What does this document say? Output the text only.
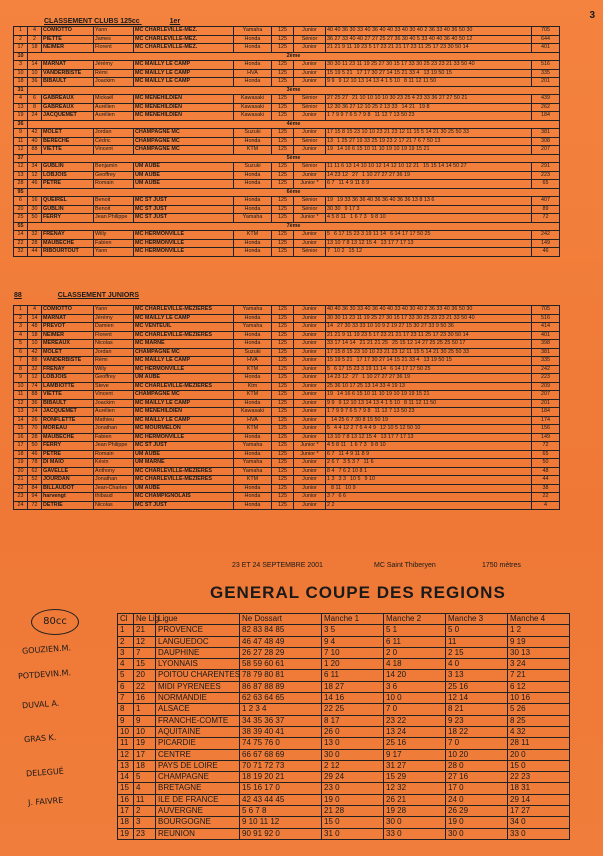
3
CLASSEMENT CLUBS 125cc	1er
1	4	COMIOTTO	Yann	MC CHARLEVILLE-MEZ.	Yamaha	125	Junior	40 40 36 30 33 40 36 40 40 33 40 30 40 2 36 33 40 36 50 30	705
2	2	PIETTE	James	MC CHARLEVILLE-MEZ.	Honda	125	Sénior	36 27 33 40 40 27 27 25 27 36 30 40 5 33 40 40 36 40 50 12	644
17	18	NEIMER	Florent	MC CHARLEVILLE-MEZ.	Honda	125	Junior	21 21 9 11 19 23 5 17 23 21 21 17 23 11 25 17 23 30 50 14	401
10	2ème								
3	14	MARNAT	Jérémy	MC MAILLY LE CAMP	Honda	125	Junior	30 30 11 23 11 19 25 27 30 15 17 33 30 25 23 23 21 33 50 40	516
10	10	VANDERBISTE	Rémi	MC MAILLY LE CAMP	HVA	125	Junior	15 19 5 21 17 17 30 27 14 15 21 33 4 13 19 50 15	335
18	36	BIBAULT	Joackim	MC MAILLY LE CAMP	Honda	125	Junior	9 9 9 12 10 13 14 13 4 1 5 10 8 11 12 11 50	201
31	3ème								
4	6	GABREAUX	Mickaël	MC MENEHILDIEN	Kawasaki	125	Sénior	27 25 27 21 10 10 10 10 30 23 25 4 23 33 36 27 27 50 21	439
13	8	GABREAUX	Aurélien	MC MENEHILDIEN	Kawasaki	125	Sénior	12 30 36 27 12 10 25 2 13 33 14 21 19 8	262
19	24	JACQUEMET	Aurélien	MC MENEHILDIEN	Kawasaki	125	Junior	1 7 9 9 7 6 5 7 9 8 11 12 7 13 50 23	184
36	4ème								
9	42	MOLET	Jordan	CHAMPAGNE MC	Suzuki	125	Junior	17 15 8 15 23 10 10 23 21 23 12 11 15 5 14 21 30 25 50 33	381
11	40	BERECHE	Cédric	CHAMPAGNE MC	Honda	125	Sénior	13 1 25 27 19 33 25 19 23 2 17 21 7 6 7 50 13	308
12	88	VIETTE	Vincent	CHAMPAGNE MC	KTM	125	Junior	19 14 16 6 15 10 11 10 19 10 19 19 15 21	207
37	5ème								
12	34	GUBLIN	Benjamin	UM AUBE	Suzuki	125	Sénior	11 11 6 13 14 10 10 12 14 12 10 12 21 15 15 14 14 50 27	291
13	12	LOBJOIS	Geoffrey	UM AUBE	Honda	125	Junior	14 23 12 27 1 10 27 27 27 36 19	223
28	46	PETRE	Romain	UM AUBE	Honda	125	Junior *	6 7 11 4 9 11 8 9	65
95	6ème								
6	16	QUEIREL	Benoit	MC ST JUST	Honda	125	Sénior	19 19 33 36 36 40 36 36 40 36 36 13 8 13 6	407
20	30	GUBLIN	Benoit	MC ST JUST	Honda	125	Sénior	30 30 9 17 3	89
25	50	FERRY	Jean Philippe	MC ST JUST	Yamaha	125	Junior *	4 5 8 11 1 6 7 3 9 8 10	72
55	7ème								
14	32	FRENAY	Willy	MC HERMONVILLE	KTM	125	Junior	5 6 17 15 23 3 19 11 14 6 14 17 17 50 25	242
22	28	MAUBECHE	Fabien	MC HERMONVILLE	Honda	125	Junior	13 10 7 8 13 12 15 4 13 17 7 17 13	149
32	44	RIBOURTOUT	Yann	MC HERMONVILLE	Honda	125	Sénior	7 10 2 15 12	46
88	CLASSEMENT JUNIORS
1	4	COMIOTTO	Yann	MC CHARLEVILLE-MEZIERES	Yamaha	125	Junior	40 40 36 30 33 40 36 40 40 33 40 30 40 2 36 33 40 36 50 30	705
2	14	MARNAT	Jérémy	MC MAILLY LE CAMP	Honda	125	Junior	30 30 11 23 11 19 25 27 30 15 17 33 30 25 23 23 21 33 50 40	516
3	48	PREVOT	Damien	MC VENTEUIL	Yamaha	125	Junior	14 27 30 33 33 10 10 9 2 19 27 15 30 27 33 9 50 36	414
4	18	NEIMER	Florent	MC CHARLEVILLE-MEZIERES	Honda	125	Junior	21 21 9 11 19 23 5 17 23 21 21 17 23 11 25 17 23 30 50 14	401
5	10	MEREAUX	Nicolas	MC MARNE	Honda	125	Junior	33 17 14 14 21 21 21 25 25 15 12 14 27 25 25 25 50 17	398
6	42	MOLET	Jordan	CHAMPAGNE MC	Suzuki	125	Junior	17 15 8 15 23 10 10 23 21 23 12 11 15 5 14 21 30 25 50 33	381
7	88	VANDERBISTE	Rémi	MC MAILLY LE CAMP	HVA	125	Junior	15 19 5 21 17 17 30 27 14 15 21 33 4 13 19 50 15	335
8	32	FRENAY	Willy	MC HERMONVILLE	KTM	125	Junior	5 6 17 15 23 3 19 11 14 6 14 17 17 50 25	242
9	12	LOBJOIS	Geoffrey	UM AUBE	Honda	125	Junior	14 23 12 27 1 10 27 27 27 36 19	223
10	74	LAMBIOTTE	Steve	MC CHARLEVILLE-MEZIERES	Ktm	125	Junior	25 36 10 17 25 13 14 33 4 19 13	209
11	88	VIETTE	Vincent	CHAMPAGNE MC	KTM	125	Junior	19 14 16 6 15 10 11 10 19 10 19 19 15 21	207
12	36	BIBAULT	Joackim	MC MAILLY LE CAMP	Honda	125	Junior	9 9 9 12 10 13 14 13 4 1 5 10 8 11 12 11 50	201
13	24	JACQUEMET	Aurélien	MC MENEHILDIEN	Kawasaki	125	Junior	1 7 9 9 7 6 5 7 9 8 11 12 7 13 50 23	184
14	26	RONFLETTE	Mathieu	MC MAILLY LE CAMP	HVA	125	Junior	14 25 6 7 30 8 15 50 19	174
15	70	MOREAU	Jonathan	MC MOURMELON	KTM	125	Junior	5 4 4 12 2 7 6 4 4 9 12 10 5 12 50 10	156
16	28	MAUBECHE	Fabien	MC HERMONVILLE	Honda	125	Junior	13 10 7 8 13 12 15 4 13 17 7 17 13	149
17	50	FERRY	Jean Philippe	MC ST JUST	Yamaha	125	Junior *	4 5 8 11 1 6 7 3 9 8 10	72
18	46	PETRE	Romain	UM AUBE	Honda	125	Junior *	6 7 11 4 9 11 8 9	65
19	78	DI MAIO	Kévin	UM MARNE	Yamaha	125	Junior	2 6 7 3 5 3 7 11 6	50
20	62	GAVELLE	Anthony	MC CHARLEVILLE-MEZIERES	Yamaha	125	Junior	8 4 7 6 2 10 8 1	48
21	52	JOURDAN	Jonathan	MC CHARLEVILLE-MEZIERES	KTM	125	Junior	1 3 3 3 10 5 9 10	44
22	84	BILLAUDOT	Jean-Charles	UM AUBE	Honda	125	Junior	8 11 10 9	38
23	94	harvengt	thibaud	MC CHAMPIGNOLAIS	Honda	125	Junior	3 7 6 6	22
24	72	DETRIE	Nicolas	MC ST JUST	Honda	125	Junior	2 2	4
23 ET 24 SEPTEMBRE 2001	MC Saint Thiberyen	1750 mètres
GENERAL COUPE DES REGIONS
Cl	Ne Lig	Ligue	Ne Dossart	Manche 1	Manche 2	Manche 3	Manche 4
1	21	PROVENCE	82 83 84 85	3 5	5 1	5 0	1 2
2	12	LANGUEDOC	46 47 48 49	9 4	6 11	11	9 19
3	7	DAUPHINE	26 27 28 29	7 10	2 0	2 15	30 13
4	15	LYONNAIS	58 59 60 61	1 20	4 18	4 0	3 24
5	20	POITOU CHARENTES	78 79 80 81	6 11	14 20	3 13	7 21
6	22	MIDI PYRENEES	86 87 88 89	18 27	3 6	25 16	6 12
7	16	NORMANDIE	62 63 64 65	14 16	10 0	12 14	10 16
8	1	ALSACE	1 2 3 4	22 25	7 0	8 21	5 26
9	9	FRANCHE-COMTE	34 35 36 37	8 17	23 22	9 23	8 25
10	10	AQUITAINE	38 39 40 41	26 0	13 24	18 22	4 32
11	19	PICARDIE	74 75 76 0	13 0	25 16	7 0	28 11
12	17	CENTRE	66 67 68 69	30 0	9 17	10 20	20 0
13	18	PAYS DE LOIRE	70 71 72 73	2 12	31 27	28 0	15 0
14	5	CHAMPAGNE	18 19 20 21	29 24	15 29	27 16	22 23
15	4	BRETAGNE	15 16 17 0	23 0	12 32	17 0	18 31
16	11	ILE DE FRANCE	42 43 44 45	19 0	26 21	24 0	29 14
17	2	AUVERGNE	5 6 7 8	21 28	19 28	26 29	17 27
18	3	BOURGOGNE	9 10 11 12	15 0	30 0	19 0	34 0
19	23	REUNION	90 91 92 0	31 0	33 0	30 0	33 0
80cc
GOUZIEN.M.
POTDEVIN.M.
DUVAL A.
GRAS K.
DELEGUÉ
J. FAIVRE
